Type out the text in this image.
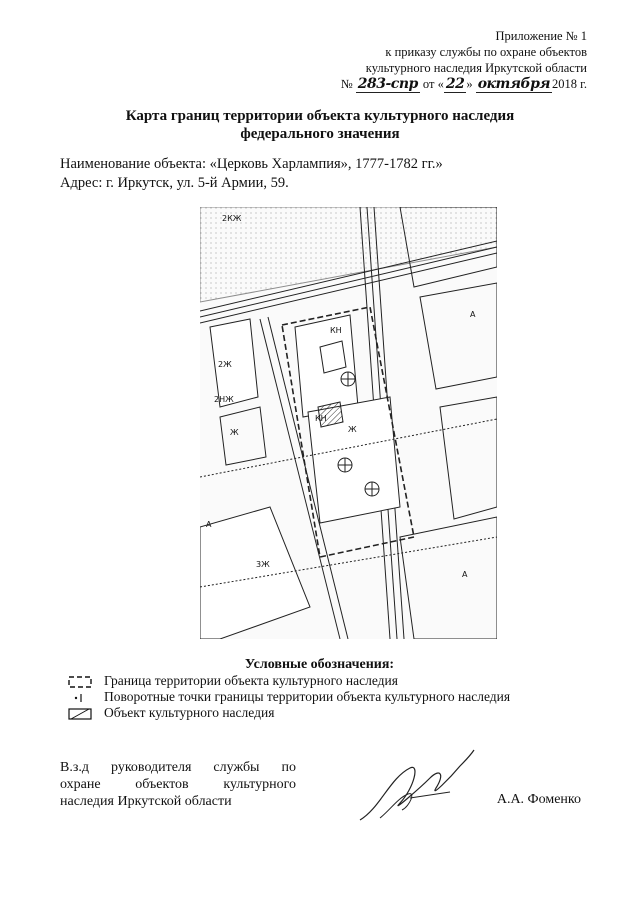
Приложение № 1
к приказу службы по охране объектов
культурного наследия Иркутской области
№ 283-спр от « 22 » октября 2018 г.
Карта границ территории объекта культурного наследия
федерального значения
Наименование объекта: «Церковь Харлампия», 1777-1782 гг.»
Адрес: г. Иркутск, ул. 5-й Армии, 59.
2КЖ
КН
КН
Ж	Ж
3Ж
2Ж
А
А
А
2НЖ
Условные обозначения:
Граница территории объекта культурного наследия
Поворотные точки границы территории объекта культурного наследия
Объект культурного наследия
В.з.д руководителя службы по
охране объектов культурного
наследия Иркутской области	А.А. Фоменко
